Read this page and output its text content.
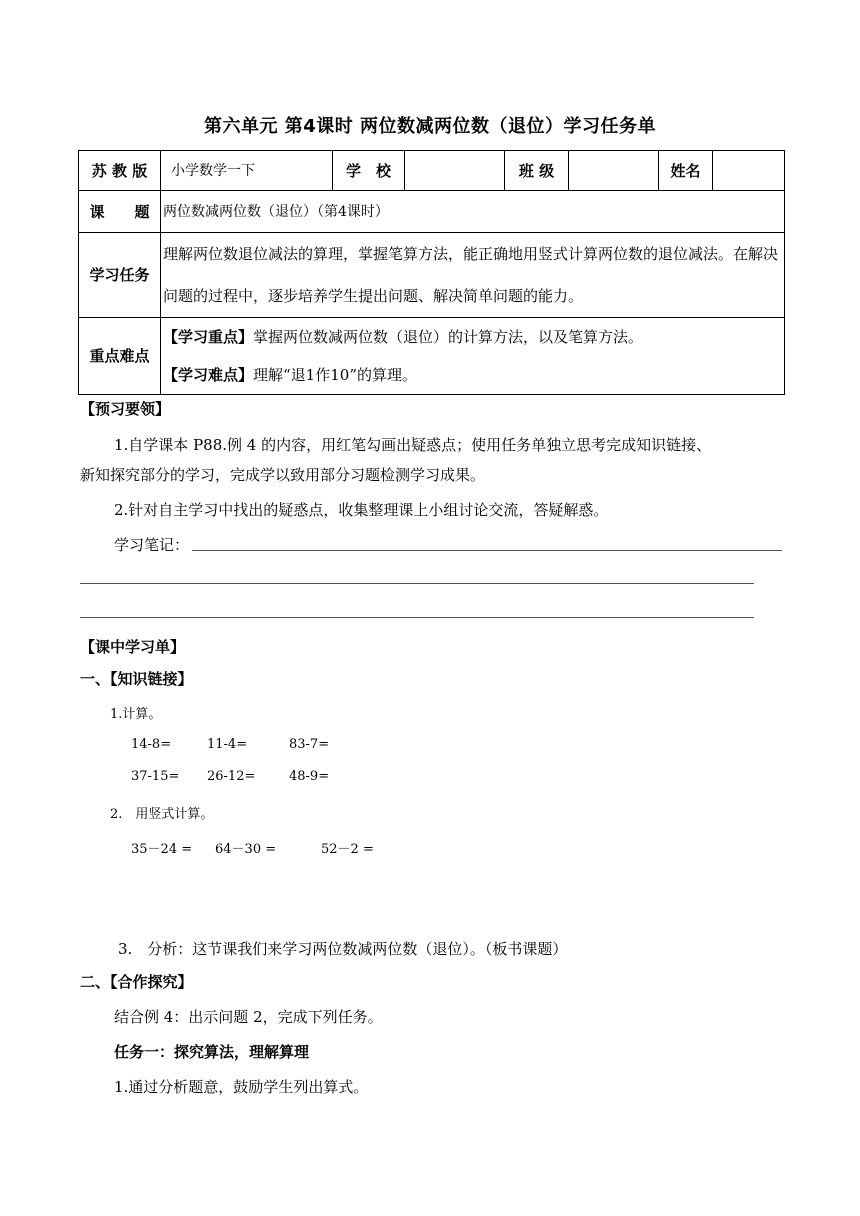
第六单元 第4课时 两位数减两位数（退位）学习任务单
苏 教 版	小学数学一下	学　校		班 级		姓名	
课　　题	两位数减两位数（退位）（第4课时）						
学习任务	理解两位数退位减法的算理，掌握笔算方法，能正确地用竖式计算两位数的退位减法。在解决问题的过程中，逐步培养学生提出问题、解决简单问题的能力。						
重点难点	【学习重点】掌握两位数减两位数（退位）的计算方法，以及笔算方法。
【学习难点】理解“退1作10”的算理。						
【预习要领】
1.自学课本 P88.例 4 的内容，用红笔勾画出疑惑点；使用任务单独立思考完成知识链接、
新知探究部分的学习，完成学以致用部分习题检测学习成果。
2.针对自主学习中找出的疑惑点，收集整理课上小组讨论交流，答疑解惑。
学习笔记：
【课中学习单】
一、【知识链接】
1.计算。
14-8=	11-4=	83-7=
37-15= 26-12=	48-9=
2.　用竖式计算。
35－24 = 64－30 =	52－2 =
3.　分析：这节课我们来学习两位数减两位数（退位）。（板书课题）
二、【合作探究】
结合例 4：出示问题 2，完成下列任务。
任务一：探究算法，理解算理
1.通过分析题意，鼓励学生列出算式。
